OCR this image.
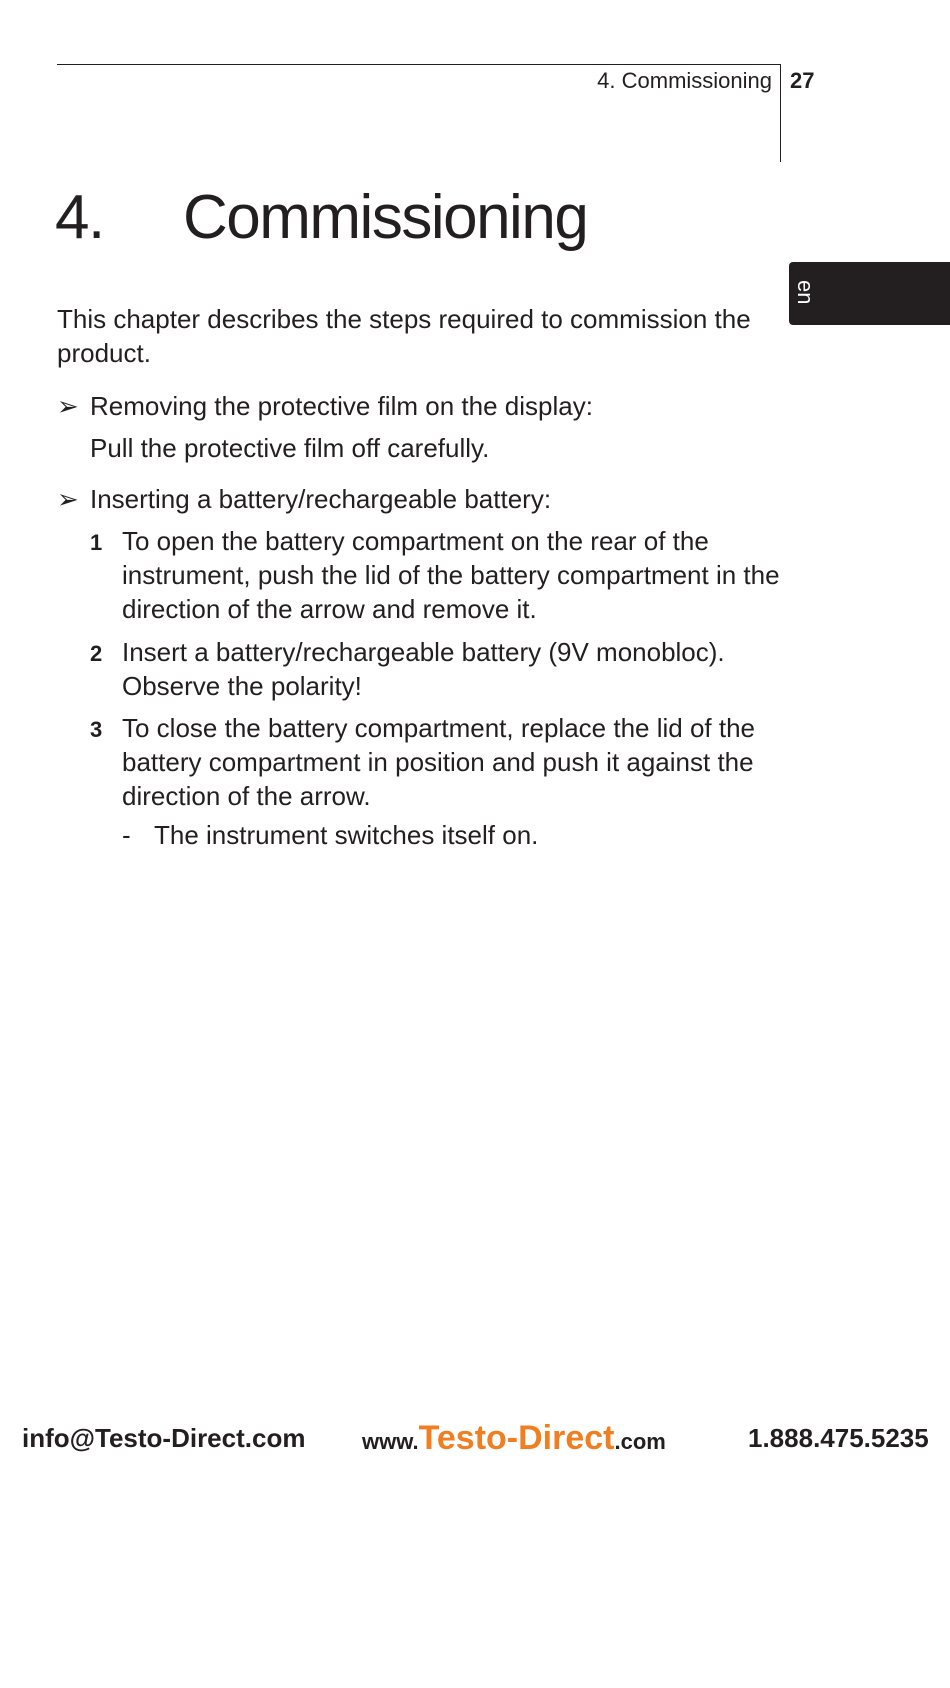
4. Commissioning 27
en
4. Commissioning

This chapter describes the steps required to commission the product.

➢ Removing the protective film on the display:
Pull the protective film off carefully.
➢ Inserting a battery/rechargeable battery:
1 To open the battery compartment on the rear of the instrument, push the lid of the battery compartment in the direction of the arrow and remove it.
2 Insert a battery/rechargeable battery (9V monobloc). Observe the polarity!
3 To close the battery compartment, replace the lid of the battery compartment in position and push it against the direction of the arrow.
- The instrument switches itself on.
info@Testo-Direct.com	www.Testo-Direct.com	1.888.475.5235
